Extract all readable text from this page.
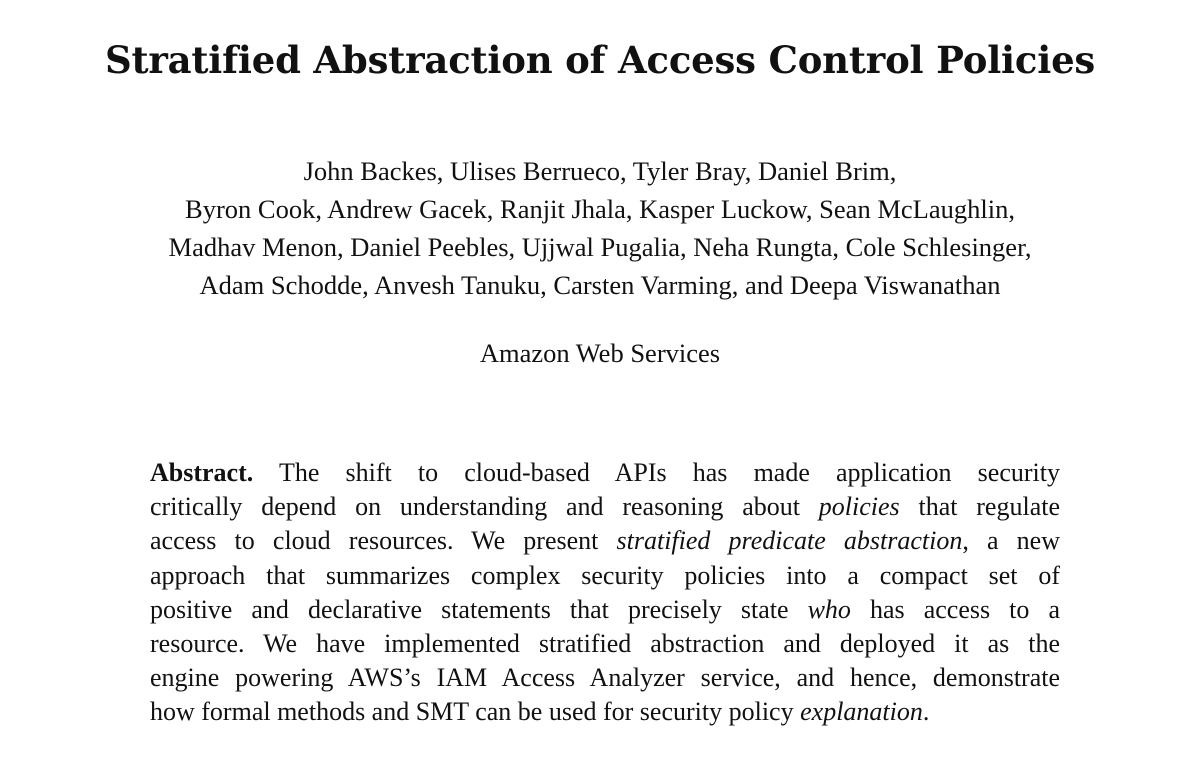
Stratified Abstraction of Access Control Policies
John Backes, Ulises Berrueco, Tyler Bray, Daniel Brim,
Byron Cook, Andrew Gacek, Ranjit Jhala, Kasper Luckow, Sean McLaughlin,
Madhav Menon, Daniel Peebles, Ujjwal Pugalia, Neha Rungta, Cole Schlesinger,
Adam Schodde, Anvesh Tanuku, Carsten Varming, and Deepa Viswanathan
Amazon Web Services
Abstract. The shift to cloud-based APIs has made application security
critically depend on understanding and reasoning about policies that regulate
access to cloud resources. We present stratified predicate abstraction, a new
approach that summarizes complex security policies into a compact set of
positive and declarative statements that precisely state who has access to a
resource. We have implemented stratified abstraction and deployed it as the
engine powering AWS’s IAM Access Analyzer service, and hence, demonstrate
how formal methods and SMT can be used for security policy explanation.
